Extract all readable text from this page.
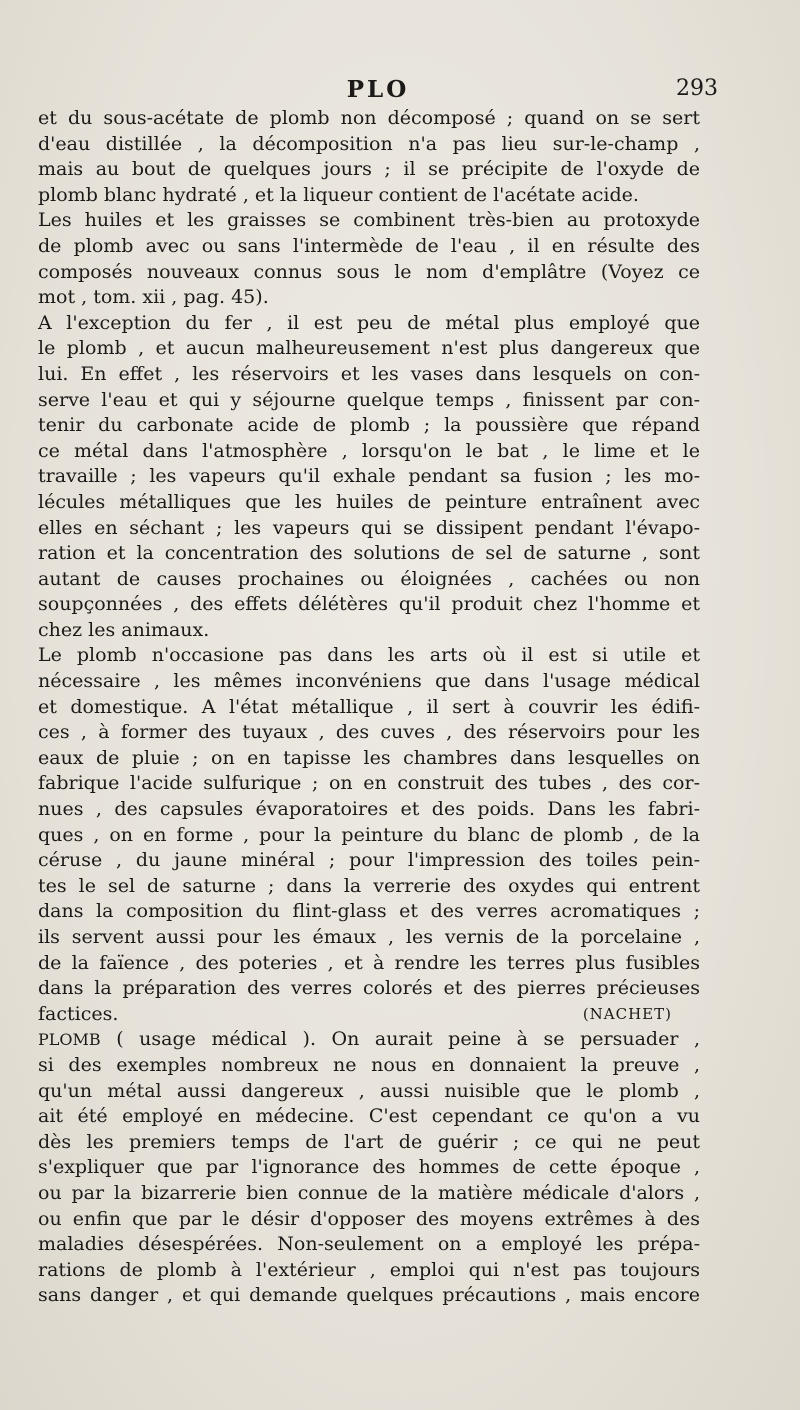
PLO	293
et du sous-acétate de plomb non décomposé ; quand on se sert
d'eau distillée , la décomposition n'a pas lieu sur-le-champ ,
mais au bout de quelques jours ; il se précipite de l'oxyde de
plomb blanc hydraté , et la liqueur contient de l'acétate acide.
Les huiles et les graisses se combinent très-bien au protoxyde
de plomb avec ou sans l'intermède de l'eau , il en résulte des
composés nouveaux connus sous le nom d'emplâtre (Voyez ce
mot , tom. xii , pag. 45).
A l'exception du fer , il est peu de métal plus employé que
le plomb , et aucun malheureusement n'est plus dangereux que
lui. En effet , les réservoirs et les vases dans lesquels on con-
serve l'eau et qui y séjourne quelque temps , finissent par con-
tenir du carbonate acide de plomb ; la poussière que répand
ce métal dans l'atmosphère , lorsqu'on le bat , le lime et le
travaille ; les vapeurs qu'il exhale pendant sa fusion ; les mo-
lécules métalliques que les huiles de peinture entraînent avec
elles en séchant ; les vapeurs qui se dissipent pendant l'évapo-
ration et la concentration des solutions de sel de saturne , sont
autant de causes prochaines ou éloignées , cachées ou non
soupçonnées , des effets délétères qu'il produit chez l'homme et
chez les animaux.
Le plomb n'occasione pas dans les arts où il est si utile et
nécessaire , les mêmes inconvéniens que dans l'usage médical
et domestique. A l'état métallique , il sert à couvrir les édifi-
ces , à former des tuyaux , des cuves , des réservoirs pour les
eaux de pluie ; on en tapisse les chambres dans lesquelles on
fabrique l'acide sulfurique ; on en construit des tubes , des cor-
nues , des capsules évaporatoires et des poids. Dans les fabri-
ques , on en forme , pour la peinture du blanc de plomb , de la
céruse , du jaune minéral ; pour l'impression des toiles pein-
tes le sel de saturne ; dans la verrerie des oxydes qui entrent
dans la composition du flint-glass et des verres acromatiques ;
ils servent aussi pour les émaux , les vernis de la porcelaine ,
de la faïence , des poteries , et à rendre les terres plus fusibles
dans la préparation des verres colorés et des pierres précieuses
factices.	(NACHET)
PLOMB ( usage médical ). On aurait peine à se persuader ,
si des exemples nombreux ne nous en donnaient la preuve ,
qu'un métal aussi dangereux , aussi nuisible que le plomb ,
ait été employé en médecine. C'est cependant ce qu'on a vu
dès les premiers temps de l'art de guérir ; ce qui ne peut
s'expliquer que par l'ignorance des hommes de cette époque ,
ou par la bizarrerie bien connue de la matière médicale d'alors ,
ou enfin que par le désir d'opposer des moyens extrêmes à des
maladies désespérées. Non-seulement on a employé les prépa-
rations de plomb à l'extérieur , emploi qui n'est pas toujours
sans danger , et qui demande quelques précautions , mais encore
